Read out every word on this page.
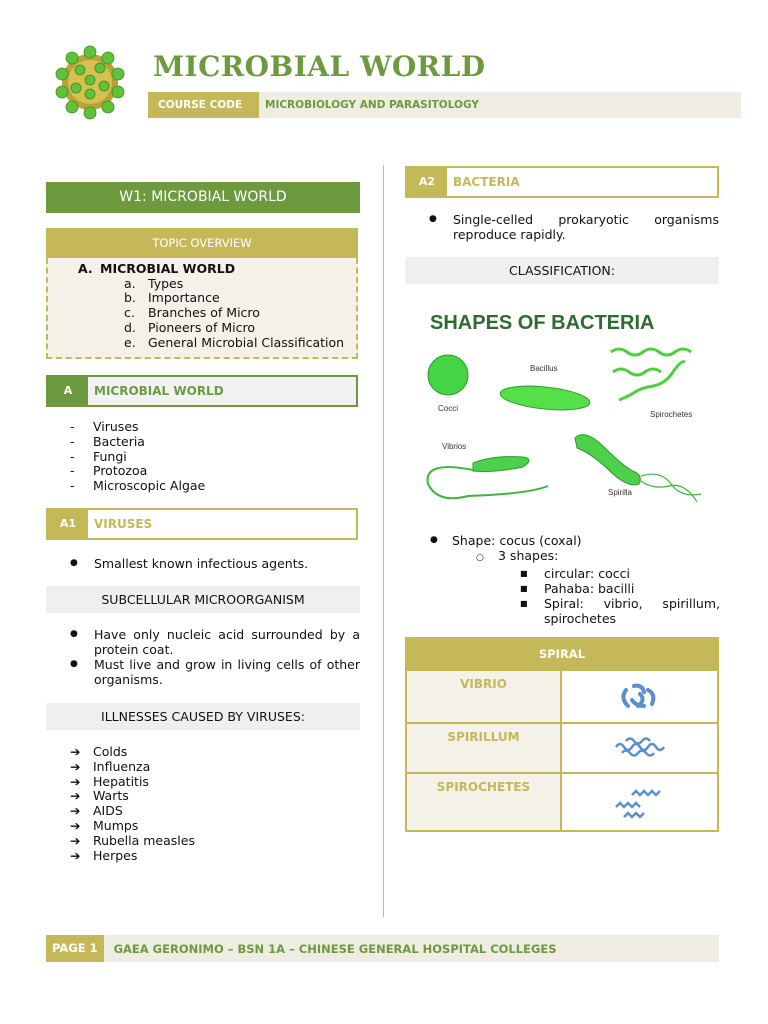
MICROBIAL WORLD
COURSE CODE	MICROBIOLOGY AND PARASITOLOGY
W1: MICROBIAL WORLD
TOPIC OVERVIEW
A. MICROBIAL WORLD
a. Types
b. Importance
c. Branches of Micro
d. Pioneers of Micro
e. General Microbial Classification
A	MICROBIAL WORLD
- Viruses
- Bacteria
- Fungi
- Protozoa
- Microscopic Algae
A1	VIRUSES
●	Smallest known infectious agents.
SUBCELLULAR MICROORGANISM
●	Have only nucleic acid surrounded by a protein coat.
●	Must live and grow in living cells of other organisms.
ILLNESSES CAUSED BY VIRUSES:
➔ Colds
➔ Influenza
➔ Hepatitis
➔ Warts
➔ AIDS
➔ Mumps
➔ Rubella measles
➔ Herpes
A2	BACTERIA
●	Single-celled prokaryotic organisms reproduce rapidly.
CLASSIFICATION:
SHAPES OF BACTERIA
Cocci
Bacillus
Spirochetes
Vibrios
Spirilla
●	Shape: cocus (coxal)
○ 3 shapes:
■	circular: cocci
■	Pahaba: bacilli
■	Spiral: vibrio, spirillum, spirochetes
SPIRAL
VIBRIO
SPIRILLUM
SPIROCHETES
PAGE 1	GAEA GERONIMO – BSN 1A – CHINESE GENERAL HOSPITAL COLLEGES
